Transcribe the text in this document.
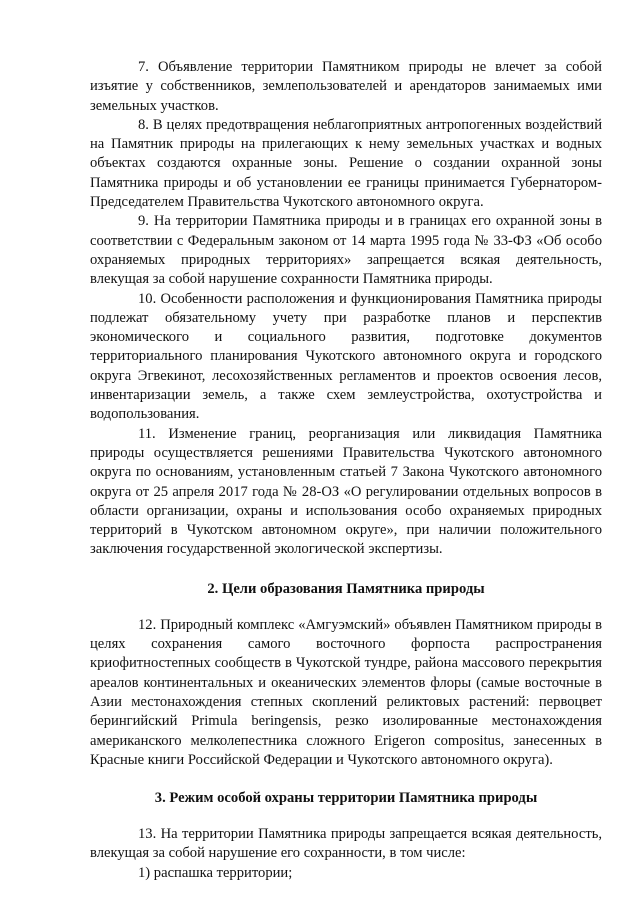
7. Объявление территории Памятником природы не влечет за собой изъятие у собственников, землепользователей и арендаторов занимаемых ими земельных участков.

8. В целях предотвращения неблагоприятных антропогенных воздействий на Памятник природы на прилегающих к нему земельных участках и водных объектах создаются охранные зоны. Решение о создании охранной зоны Памятника природы и об установлении ее границы принимается Губернатором-Председателем Правительства Чукотского автономного округа.

9. На территории Памятника природы и в границах его охранной зоны в соответствии с Федеральным законом от 14 марта 1995 года № 33-ФЗ «Об особо охраняемых природных территориях» запрещается всякая деятельность, влекущая за собой нарушение сохранности Памятника природы.

10. Особенности расположения и функционирования Памятника природы подлежат обязательному учету при разработке планов и перспектив экономического и социального развития, подготовке документов территориального планирования Чукотского автономного округа и городского округа Эгвекинот, лесохозяйственных регламентов и проектов освоения лесов, инвентаризации земель, а также схем землеустройства, охотустройства и водопользования.

11. Изменение границ, реорганизация или ликвидация Памятника природы осуществляется решениями Правительства Чукотского автономного округа по основаниям, установленным статьей 7 Закона Чукотского автономного округа от 25 апреля 2017 года № 28-ОЗ «О регулировании отдельных вопросов в области организации, охраны и использования особо охраняемых природных территорий в Чукотском автономном округе», при наличии положительного заключения государственной экологической экспертизы.

2. Цели образования Памятника природы

12. Природный комплекс «Амгуэмский» объявлен Памятником природы в целях сохранения самого восточного форпоста распространения криофитностепных сообществ в Чукотской тундре, района массового перекрытия ареалов континентальных и океанических элементов флоры (самые восточные в Азии местонахождения степных скоплений реликтовых растений: первоцвет берингийский Primula beringensis, резко изолированные местонахождения американского мелколепестника сложного Erigeron compositus, занесенных в Красные книги Российской Федерации и Чукотского автономного округа).

3. Режим особой охраны территории Памятника природы

13. На территории Памятника природы запрещается всякая деятельность, влекущая за собой нарушение его сохранности, в том числе:

1) распашка территории;
